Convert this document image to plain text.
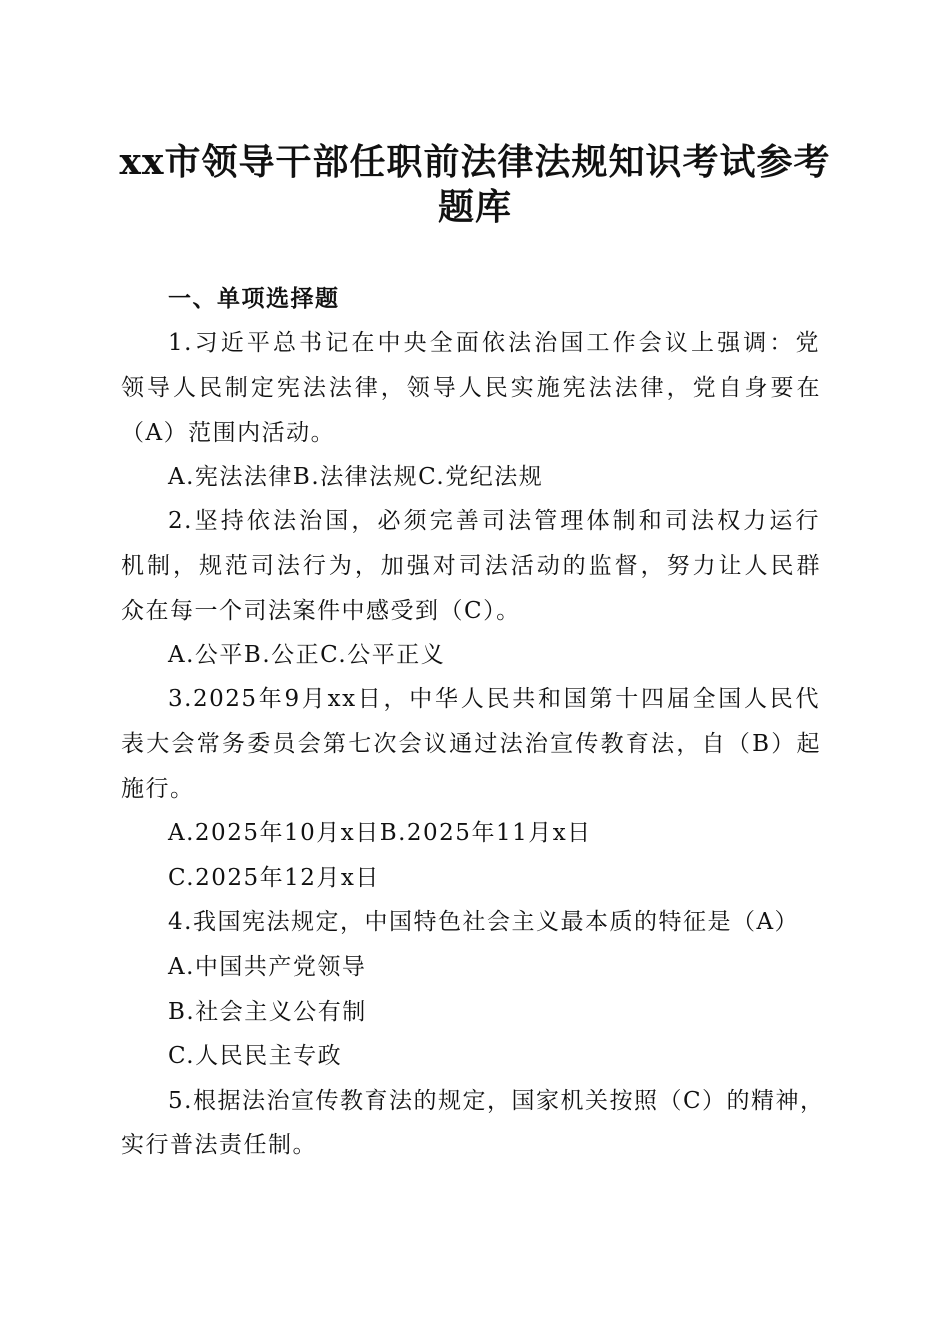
xx市领导干部任职前法律法规知识考试参考
题库

一、单项选择题

1.习近平总书记在中央全面依法治国工作会议上强调：党

领导人民制定宪法法律，领导人民实施宪法法律，党自身要在

（A）范围内活动。

A.宪法法律B.法律法规C.党纪法规

2.坚持依法治国，必须完善司法管理体制和司法权力运行

机制，规范司法行为，加强对司法活动的监督，努力让人民群

众在每一个司法案件中感受到（C）。

A.公平B.公正C.公平正义

3.2025年9月xx日，中华人民共和国第十四届全国人民代

表大会常务委员会第七次会议通过法治宣传教育法，自（B）起

施行。

A.2025年10月x日B.2025年11月x日

C.2025年12月x日

4.我国宪法规定，中国特色社会主义最本质的特征是（A）

A.中国共产党领导

B.社会主义公有制

C.人民民主专政

5.根据法治宣传教育法的规定，国家机关按照（C）的精神，

实行普法责任制。
